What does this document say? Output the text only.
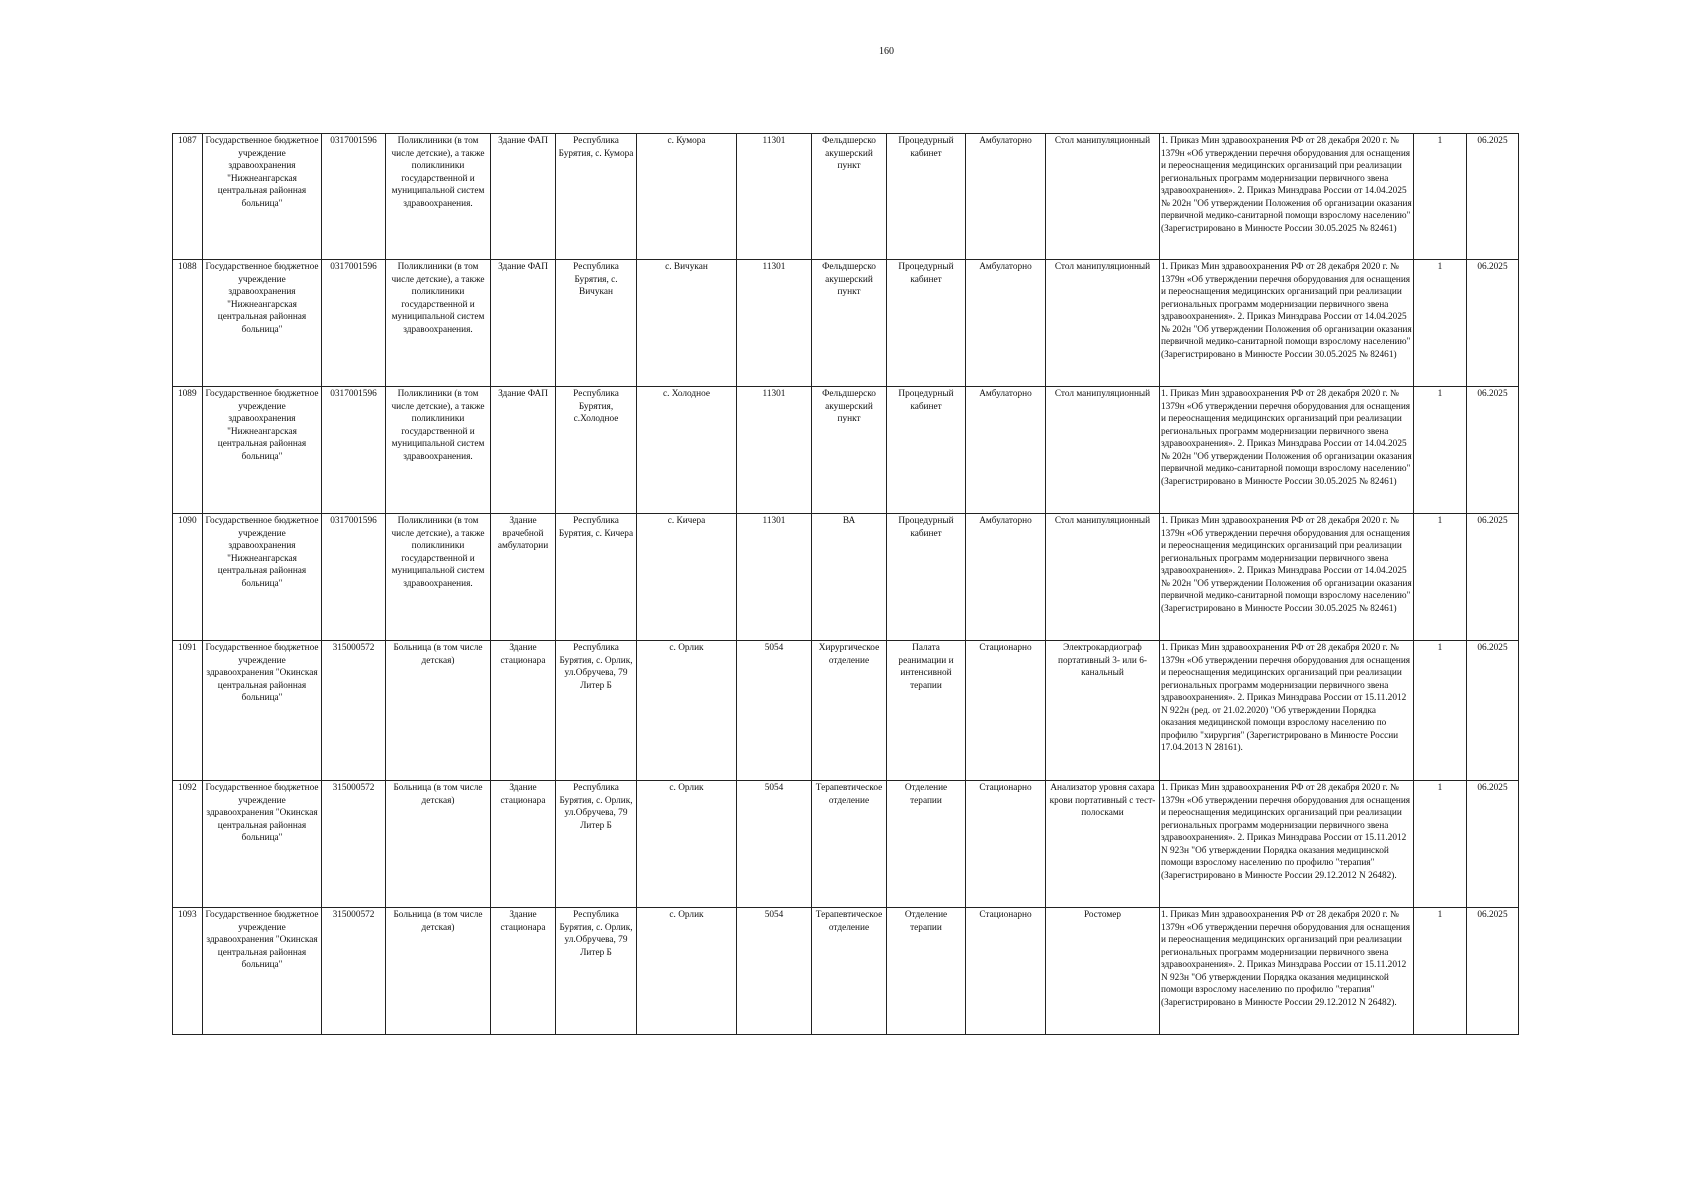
160
1087	Государственное бюджетное учреждение здравоохранения "Нижнеангарская центральная районная больница"	0317001596	Поликлиники (в том числе детские), а также поликлиники государственной и муниципальной систем здравоохранения.	Здание ФАП	Республика Бурятия, с. Кумора	с. Кумора	11301	Фельдшерско акушерский пункт	Процедурный кабинет	Амбулаторно	Стол манипуляционный	1. Приказ Мин здравоохранения РФ от 28 декабря 2020 г. № 1379н «Об утверждении перечня оборудования для оснащения и переоснащения медицинских организаций при реализации региональных программ модернизации первичного звена здравоохранения». 2. Приказ Минздрава России от 14.04.2025 № 202н "Об утверждении Положения об организации оказания первичной медико-санитарной помощи взрослому населению" (Зарегистрировано в Минюсте России 30.05.2025 № 82461)	1	06.2025
1088	Государственное бюджетное учреждение здравоохранения "Нижнеангарская центральная районная больница"	0317001596	Поликлиники (в том числе детские), а также поликлиники государственной и муниципальной систем здравоохранения.	Здание ФАП	Республика Бурятия, с. Вичукан	с. Вичукан	11301	Фельдшерско акушерский пункт	Процедурный кабинет	Амбулаторно	Стол манипуляционный	1. Приказ Мин здравоохранения РФ от 28 декабря 2020 г. № 1379н «Об утверждении перечня оборудования для оснащения и переоснащения медицинских организаций при реализации региональных программ модернизации первичного звена здравоохранения». 2. Приказ Минздрава России от 14.04.2025 № 202н "Об утверждении Положения об организации оказания первичной медико-санитарной помощи взрослому населению" (Зарегистрировано в Минюсте России 30.05.2025 № 82461)	1	06.2025
1089	Государственное бюджетное учреждение здравоохранения "Нижнеангарская центральная районная больница"	0317001596	Поликлиники (в том числе детские), а также поликлиники государственной и муниципальной систем здравоохранения.	Здание ФАП	Республика Бурятия, с.Холодное	с. Холодное	11301	Фельдшерско акушерский пункт	Процедурный кабинет	Амбулаторно	Стол манипуляционный	1. Приказ Мин здравоохранения РФ от 28 декабря 2020 г. № 1379н «Об утверждении перечня оборудования для оснащения и переоснащения медицинских организаций при реализации региональных программ модернизации первичного звена здравоохранения». 2. Приказ Минздрава России от 14.04.2025 № 202н "Об утверждении Положения об организации оказания первичной медико-санитарной помощи взрослому населению" (Зарегистрировано в Минюсте России 30.05.2025 № 82461)	1	06.2025
1090	Государственное бюджетное учреждение здравоохранения "Нижнеангарская центральная районная больница"	0317001596	Поликлиники (в том числе детские), а также поликлиники государственной и муниципальной систем здравоохранения.	Здание врачебной амбулатории	Республика Бурятия, с. Кичера	с. Кичера	11301	ВА	Процедурный кабинет	Амбулаторно	Стол манипуляционный	1. Приказ Мин здравоохранения РФ от 28 декабря 2020 г. № 1379н «Об утверждении перечня оборудования для оснащения и переоснащения медицинских организаций при реализации региональных программ модернизации первичного звена здравоохранения». 2. Приказ Минздрава России от 14.04.2025 № 202н "Об утверждении Положения об организации оказания первичной медико-санитарной помощи взрослому населению" (Зарегистрировано в Минюсте России 30.05.2025 № 82461)	1	06.2025
1091	Государственное бюджетное учреждение здравоохранения "Окинская центральная районная больница"	315000572	Больница (в том числе детская)	Здание стационара	Республика Бурятия, с. Орлик, ул.Обручева, 79 Литер Б	с. Орлик	5054	Хирургическое отделение	Палата реанимации и интенсивной терапии	Стационарно	Электрокардиограф портативный 3- или 6-канальный	1. Приказ Мин здравоохранения РФ от 28 декабря 2020 г. № 1379н «Об утверждении перечня оборудования для оснащения и переоснащения медицинских организаций при реализации региональных программ модернизации первичного звена здравоохранения». 2. Приказ Минздрава России от 15.11.2012 N 922н (ред. от 21.02.2020) "Об утверждении Порядка оказания медицинской помощи взрослому населению по профилю "хирургия" (Зарегистрировано в Минюсте России 17.04.2013 N 28161).	1	06.2025
1092	Государственное бюджетное учреждение здравоохранения "Окинская центральная районная больница"	315000572	Больница (в том числе детская)	Здание стационара	Республика Бурятия, с. Орлик, ул.Обручева, 79 Литер Б	с. Орлик	5054	Терапевтическое отделение	Отделение терапии	Стационарно	Анализатор уровня сахара крови портативный с тест-полосками	1. Приказ Мин здравоохранения РФ от 28 декабря 2020 г. № 1379н «Об утверждении перечня оборудования для оснащения и переоснащения медицинских организаций при реализации региональных программ модернизации первичного звена здравоохранения». 2. Приказ Минздрава России от 15.11.2012 N 923н "Об утверждении Порядка оказания медицинской помощи взрослому населению по профилю "терапия" (Зарегистрировано в Минюсте России 29.12.2012 N 26482).	1	06.2025
1093	Государственное бюджетное учреждение здравоохранения "Окинская центральная районная больница"	315000572	Больница (в том числе детская)	Здание стационара	Республика Бурятия, с. Орлик, ул.Обручева, 79 Литер Б	с. Орлик	5054	Терапевтическое отделение	Отделение терапии	Стационарно	Ростомер	1. Приказ Мин здравоохранения РФ от 28 декабря 2020 г. № 1379н «Об утверждении перечня оборудования для оснащения и переоснащения медицинских организаций при реализации региональных программ модернизации первичного звена здравоохранения». 2. Приказ Минздрава России от 15.11.2012 N 923н "Об утверждении Порядка оказания медицинской помощи взрослому населению по профилю "терапия" (Зарегистрировано в Минюсте России 29.12.2012 N 26482).	1	06.2025
